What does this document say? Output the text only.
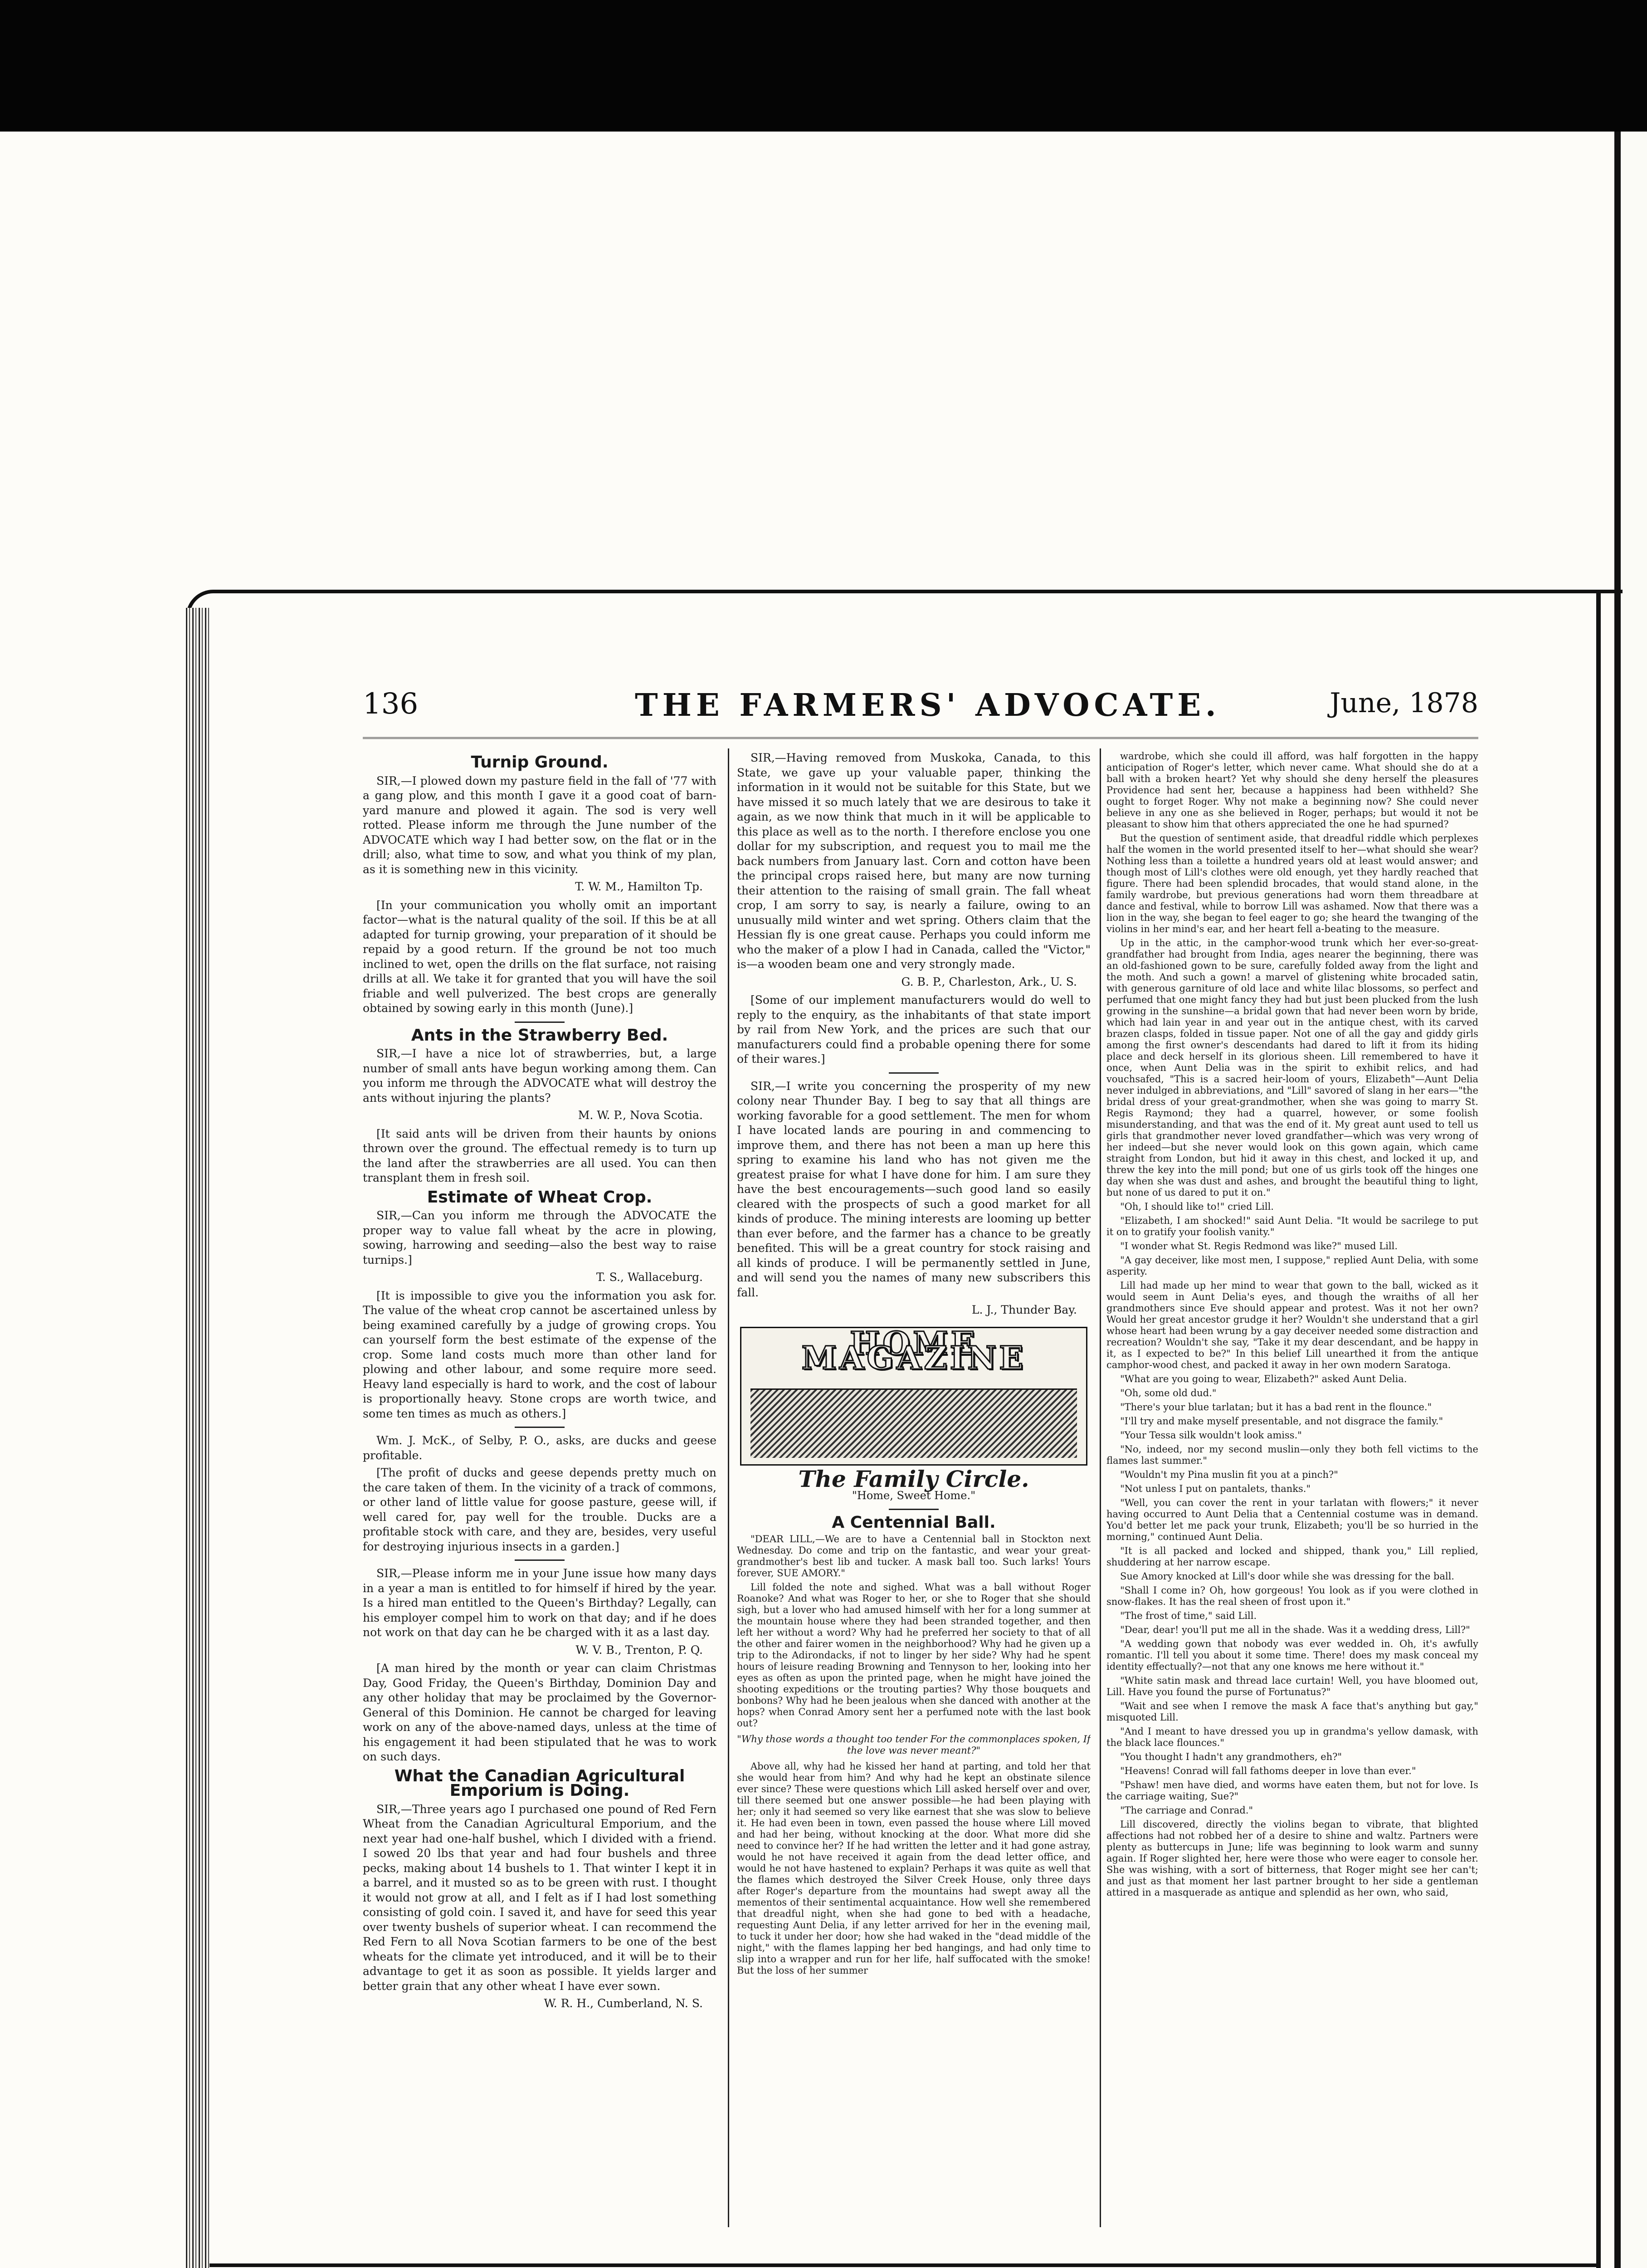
136	THE FARMERS' ADVOCATE.	June, 1878
Turnip Ground.

SIR,—I plowed down my pasture field in the fall of '77 with a gang plow, and this month I gave it a good coat of barn-yard manure and plowed it again. The sod is very well rotted. Please inform me through the June number of the ADVOCATE which way I had better sow, on the flat or in the drill; also, what time to sow, and what you think of my plan, as it is something new in this vicinity.

T. W. M., Hamilton Tp.

[In your communication you wholly omit an important factor—what is the natural quality of the soil. If this be at all adapted for turnip growing, your preparation of it should be repaid by a good return. If the ground be not too much inclined to wet, open the drills on the flat surface, not raising drills at all. We take it for granted that you will have the soil friable and well pulverized. The best crops are generally obtained by sowing early in this month (June).]

Ants in the Strawberry Bed.

SIR,—I have a nice lot of strawberries, but, a large number of small ants have begun working among them. Can you inform me through the ADVOCATE what will destroy the ants without injuring the plants?

M. W. P., Nova Scotia.

[It said ants will be driven from their haunts by onions thrown over the ground. The effectual remedy is to turn up the land after the strawberries are all used. You can then transplant them in fresh soil.

Estimate of Wheat Crop.

SIR,—Can you inform me through the ADVOCATE the proper way to value fall wheat by the acre in plowing, sowing, harrowing and seeding—also the best way to raise turnips.]

T. S., Wallaceburg.

[It is impossible to give you the information you ask for. The value of the wheat crop cannot be ascertained unless by being examined carefully by a judge of growing crops. You can yourself form the best estimate of the expense of the crop. Some land costs much more than other land for plowing and other labour, and some require more seed. Heavy land especially is hard to work, and the cost of labour is proportionally heavy. Stone crops are worth twice, and some ten times as much as others.]

Wm. J. McK., of Selby, P. O., asks, are ducks and geese profitable.

[The profit of ducks and geese depends pretty much on the care taken of them. In the vicinity of a track of commons, or other land of little value for goose pasture, geese will, if well cared for, pay well for the trouble. Ducks are a profitable stock with care, and they are, besides, very useful for destroying injurious insects in a garden.]

SIR,—Please inform me in your June issue how many days in a year a man is entitled to for himself if hired by the year. Is a hired man entitled to the Queen's Birthday? Legally, can his employer compel him to work on that day; and if he does not work on that day can he be charged with it as a last day.

W. V. B., Trenton, P. Q.

[A man hired by the month or year can claim Christmas Day, Good Friday, the Queen's Birthday, Dominion Day and any other holiday that may be proclaimed by the Governor-General of this Dominion. He cannot be charged for leaving work on any of the above-named days, unless at the time of his engagement it had been stipulated that he was to work on such days.

What the Canadian Agricultural Emporium is Doing.

SIR,—Three years ago I purchased one pound of Red Fern Wheat from the Canadian Agricultural Emporium, and the next year had one-half bushel, which I divided with a friend. I sowed 20 lbs that year and had four bushels and three pecks, making about 14 bushels to 1. That winter I kept it in a barrel, and it musted so as to be green with rust. I thought it would not grow at all, and I felt as if I had lost something consisting of gold coin. I saved it, and have for seed this year over twenty bushels of superior wheat. I can recommend the Red Fern to all Nova Scotian farmers to be one of the best wheats for the climate yet introduced, and it will be to their advantage to get it as soon as possible. It yields larger and better grain that any other wheat I have ever sown.

W. R. H., Cumberland, N. S.

SIR,—Having removed from Muskoka, Canada, to this State, we gave up your valuable paper, thinking the information in it would not be suitable for this State, but we have missed it so much lately that we are desirous to take it again, as we now think that much in it will be applicable to this place as well as to the north. I therefore enclose you one dollar for my subscription, and request you to mail me the back numbers from January last. Corn and cotton have been the principal crops raised here, but many are now turning their attention to the raising of small grain. The fall wheat crop, I am sorry to say, is nearly a failure, owing to an unusually mild winter and wet spring. Others claim that the Hessian fly is one great cause. Perhaps you could inform me who the maker of a plow I had in Canada, called the "Victor," is—a wooden beam one and very strongly made.

G. B. P., Charleston, Ark., U. S.

[Some of our implement manufacturers would do well to reply to the enquiry, as the inhabitants of that state import by rail from New York, and the prices are such that our manufacturers could find a probable opening there for some of their wares.]

SIR,—I write you concerning the prosperity of my new colony near Thunder Bay. I beg to say that all things are working favorable for a good settlement. The men for whom I have located lands are pouring in and commencing to improve them, and there has not been a man up here this spring to examine his land who has not given me the greatest praise for what I have done for him. I am sure they have the best encouragements—such good land so easily cleared with the prospects of such a good market for all kinds of produce. The mining interests are looming up better than ever before, and the farmer has a chance to be greatly benefited. This will be a great country for stock raising and all kinds of produce. I will be permanently settled in June, and will send you the names of many new subscribers this fall.

L. J., Thunder Bay.
HOME MAGAZINE
The Family Circle.
"Home, Sweet Home."
A Centennial Ball.

"DEAR LILL,—We are to have a Centennial ball in Stockton next Wednesday. Do come and trip on the fantastic, and wear your great-grandmother's best lib and tucker. A mask ball too. Such larks! Yours forever, SUE AMORY."

Lill folded the note and sighed. What was a ball without Roger Roanoke? And what was Roger to her, or she to Roger that she should sigh, but a lover who had amused himself with her for a long summer at the mountain house where they had been stranded together, and then left her without a word? Why had he preferred her society to that of all the other and fairer women in the neighborhood? Why had he given up a trip to the Adirondacks, if not to linger by her side? Why had he spent hours of leisure reading Browning and Tennyson to her, looking into her eyes as often as upon the printed page, when he might have joined the shooting expeditions or the trouting parties? Why those bouquets and bonbons? Why had he been jealous when she danced with another at the hops? when Conrad Amory sent her a perfumed note with the last book out?

"Why those words a thought too tender For the commonplaces spoken, If the love was never meant?"

Above all, why had he kissed her hand at parting, and told her that she would hear from him? And why had he kept an obstinate silence ever since? These were questions which Lill asked herself over and over, till there seemed but one answer possible—he had been playing with her; only it had seemed so very like earnest that she was slow to believe it. He had even been in town, even passed the house where Lill moved and had her being, without knocking at the door. What more did she need to convince her? If he had written the letter and it had gone astray, would he not have received it again from the dead letter office, and would he not have hastened to explain? Perhaps it was quite as well that the flames which destroyed the Silver Creek House, only three days after Roger's departure from the mountains had swept away all the mementos of their sentimental acquaintance. How well she remembered that dreadful night, when she had gone to bed with a headache, requesting Aunt Delia, if any letter arrived for her in the evening mail, to tuck it under her door; how she had waked in the "dead middle of the night," with the flames lapping her bed hangings, and had only time to slip into a wrapper and run for her life, half suffocated with the smoke! But the loss of her summer

wardrobe, which she could ill afford, was half forgotten in the happy anticipation of Roger's letter, which never came. What should she do at a ball with a broken heart? Yet why should she deny herself the pleasures Providence had sent her, because a happiness had been withheld? She ought to forget Roger. Why not make a beginning now? She could never believe in any one as she believed in Roger, perhaps; but would it not be pleasant to show him that others appreciated the one he had spurned?

But the question of sentiment aside, that dreadful riddle which perplexes half the women in the world presented itself to her—what should she wear? Nothing less than a toilette a hundred years old at least would answer; and though most of Lill's clothes were old enough, yet they hardly reached that figure. There had been splendid brocades, that would stand alone, in the family wardrobe, but previous generations had worn them threadbare at dance and festival, while to borrow Lill was ashamed. Now that there was a lion in the way, she began to feel eager to go; she heard the twanging of the violins in her mind's ear, and her heart fell a-beating to the measure.

Up in the attic, in the camphor-wood trunk which her ever-so-great-grandfather had brought from India, ages nearer the beginning, there was an old-fashioned gown to be sure, carefully folded away from the light and the moth. And such a gown! a marvel of glistening white brocaded satin, with generous garniture of old lace and white lilac blossoms, so perfect and perfumed that one might fancy they had but just been plucked from the lush growing in the sunshine—a bridal gown that had never been worn by bride, which had lain year in and year out in the antique chest, with its carved brazen clasps, folded in tissue paper. Not one of all the gay and giddy girls among the first owner's descendants had dared to lift it from its hiding place and deck herself in its glorious sheen. Lill remembered to have it once, when Aunt Delia was in the spirit to exhibit relics, and had vouchsafed, "This is a sacred heir-loom of yours, Elizabeth"—Aunt Delia never indulged in abbreviations, and "Lill" savored of slang in her ears—"the bridal dress of your great-grandmother, when she was going to marry St. Regis Raymond; they had a quarrel, however, or some foolish misunderstanding, and that was the end of it. My great aunt used to tell us girls that grandmother never loved grandfather—which was very wrong of her indeed—but she never would look on this gown again, which came straight from London, but hid it away in this chest, and locked it up, and threw the key into the mill pond; but one of us girls took off the hinges one day when she was dust and ashes, and brought the beautiful thing to light, but none of us dared to put it on."

"Oh, I should like to!" cried Lill.

"Elizabeth, I am shocked!" said Aunt Delia. "It would be sacrilege to put it on to gratify your foolish vanity."

"I wonder what St. Regis Redmond was like?" mused Lill.

"A gay deceiver, like most men, I suppose," replied Aunt Delia, with some asperity.

Lill had made up her mind to wear that gown to the ball, wicked as it would seem in Aunt Delia's eyes, and though the wraiths of all her grandmothers since Eve should appear and protest. Was it not her own? Would her great ancestor grudge it her? Wouldn't she understand that a girl whose heart had been wrung by a gay deceiver needed some distraction and recreation? Wouldn't she say, "Take it my dear descendant, and be happy in it, as I expected to be?" In this belief Lill unearthed it from the antique camphor-wood chest, and packed it away in her own modern Saratoga.

"What are you going to wear, Elizabeth?" asked Aunt Delia.

"Oh, some old dud."

"There's your blue tarlatan; but it has a bad rent in the flounce."

"I'll try and make myself presentable, and not disgrace the family."

"Your Tessa silk wouldn't look amiss."

"No, indeed, nor my second muslin—only they both fell victims to the flames last summer."

"Wouldn't my Pina muslin fit you at a pinch?"

"Not unless I put on pantalets, thanks."

"Well, you can cover the rent in your tarlatan with flowers;" it never having occurred to Aunt Delia that a Centennial costume was in demand. You'd better let me pack your trunk, Elizabeth; you'll be so hurried in the morning," continued Aunt Delia.

"It is all packed and locked and shipped, thank you," Lill replied, shuddering at her narrow escape.

Sue Amory knocked at Lill's door while she was dressing for the ball.

"Shall I come in? Oh, how gorgeous! You look as if you were clothed in snow-flakes. It has the real sheen of frost upon it."

"The frost of time," said Lill.

"Dear, dear! you'll put me all in the shade. Was it a wedding dress, Lill?"

"A wedding gown that nobody was ever wedded in. Oh, it's awfully romantic. I'll tell you about it some time. There! does my mask conceal my identity effectually?—not that any one knows me here without it."

"White satin mask and thread lace curtain! Well, you have bloomed out, Lill. Have you found the purse of Fortunatus?"

"Wait and see when I remove the mask A face that's anything but gay," misquoted Lill.

"And I meant to have dressed you up in grandma's yellow damask, with the black lace flounces."

"You thought I hadn't any grandmothers, eh?"

"Heavens! Conrad will fall fathoms deeper in love than ever."

"Pshaw! men have died, and worms have eaten them, but not for love. Is the carriage waiting, Sue?"

"The carriage and Conrad."

Lill discovered, directly the violins began to vibrate, that blighted affections had not robbed her of a desire to shine and waltz. Partners were plenty as buttercups in June; life was beginning to look warm and sunny again. If Roger slighted her, here were those who were eager to console her. She was wishing, with a sort of bitterness, that Roger might see her can't; and just as that moment her last partner brought to her side a gentleman attired in a masquerade as antique and splendid as her own, who said,
